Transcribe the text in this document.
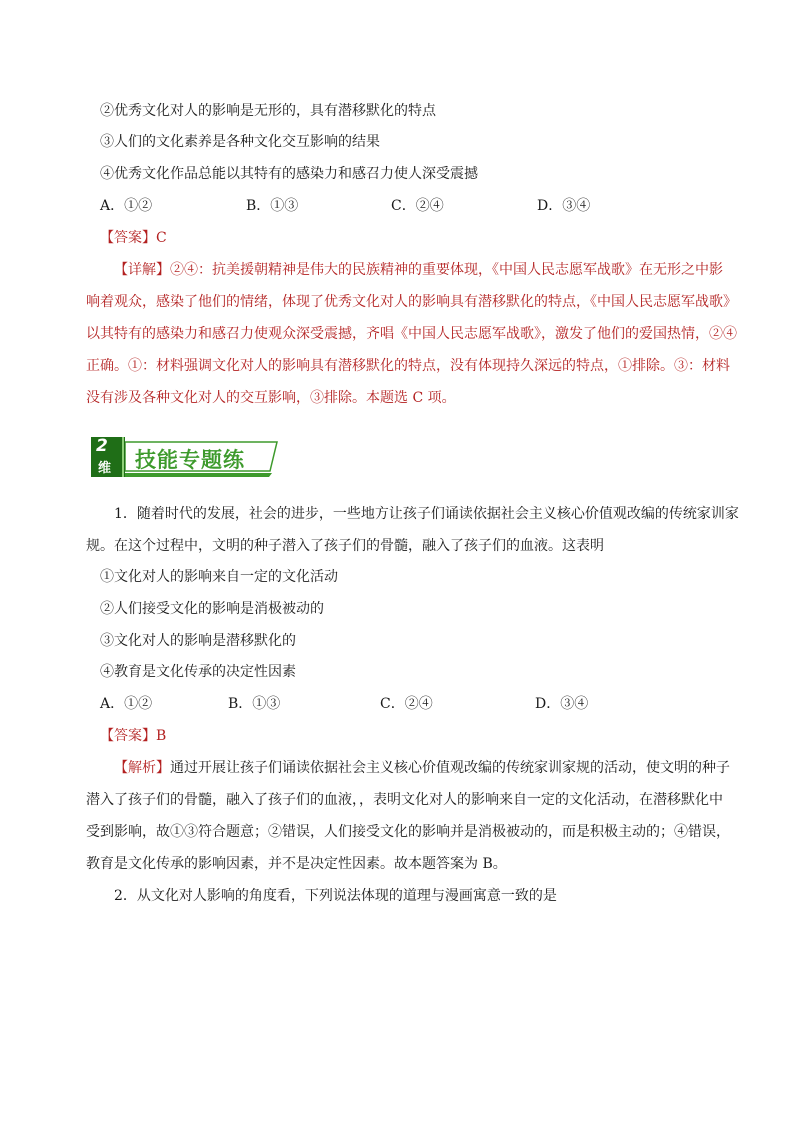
②优秀文化对人的影响是无形的，具有潜移默化的特点
③人们的文化素养是各种文化交互影响的结果
④优秀文化作品总能以其特有的感染力和感召力使人深受震撼
A．①②	B．①③	C．②④	D．③④
【答案】C
【详解】②④：抗美援朝精神是伟大的民族精神的重要体现，《中国人民志愿军战歌》在无形之中影
响着观众，感染了他们的情绪，体现了优秀文化对人的影响具有潜移默化的特点，《中国人民志愿军战歌》
以其特有的感染力和感召力使观众深受震撼，齐唱《中国人民志愿军战歌》，激发了他们的爱国热情，②④
正确。①：材料强调文化对人的影响具有潜移默化的特点，没有体现持久深远的特点，①排除。③：材料
没有涉及各种文化对人的交互影响，③排除。本题选 C 项。
2
维 技能专题练
1．随着时代的发展，社会的进步，一些地方让孩子们诵读依据社会主义核心价值观改编的传统家训家
规。在这个过程中，文明的种子潜入了孩子们的骨髓，融入了孩子们的血液。这表明
①文化对人的影响来自一定的文化活动
②人们接受文化的影响是消极被动的
③文化对人的影响是潜移默化的
④教育是文化传承的决定性因素
A．①②	B．①③	C．②④	D．③④
【答案】B
【解析】通过开展让孩子们诵读依据社会主义核心价值观改编的传统家训家规的活动，使文明的种子
潜入了孩子们的骨髓，融入了孩子们的血液，，表明文化对人的影响来自一定的文化活动，在潜移默化中
受到影响，故①③符合题意；②错误，人们接受文化的影响并是消极被动的，而是积极主动的；④错误，
教育是文化传承的影响因素，并不是决定性因素。故本题答案为 B。
2．从文化对人影响的角度看，下列说法体现的道理与漫画寓意一致的是
